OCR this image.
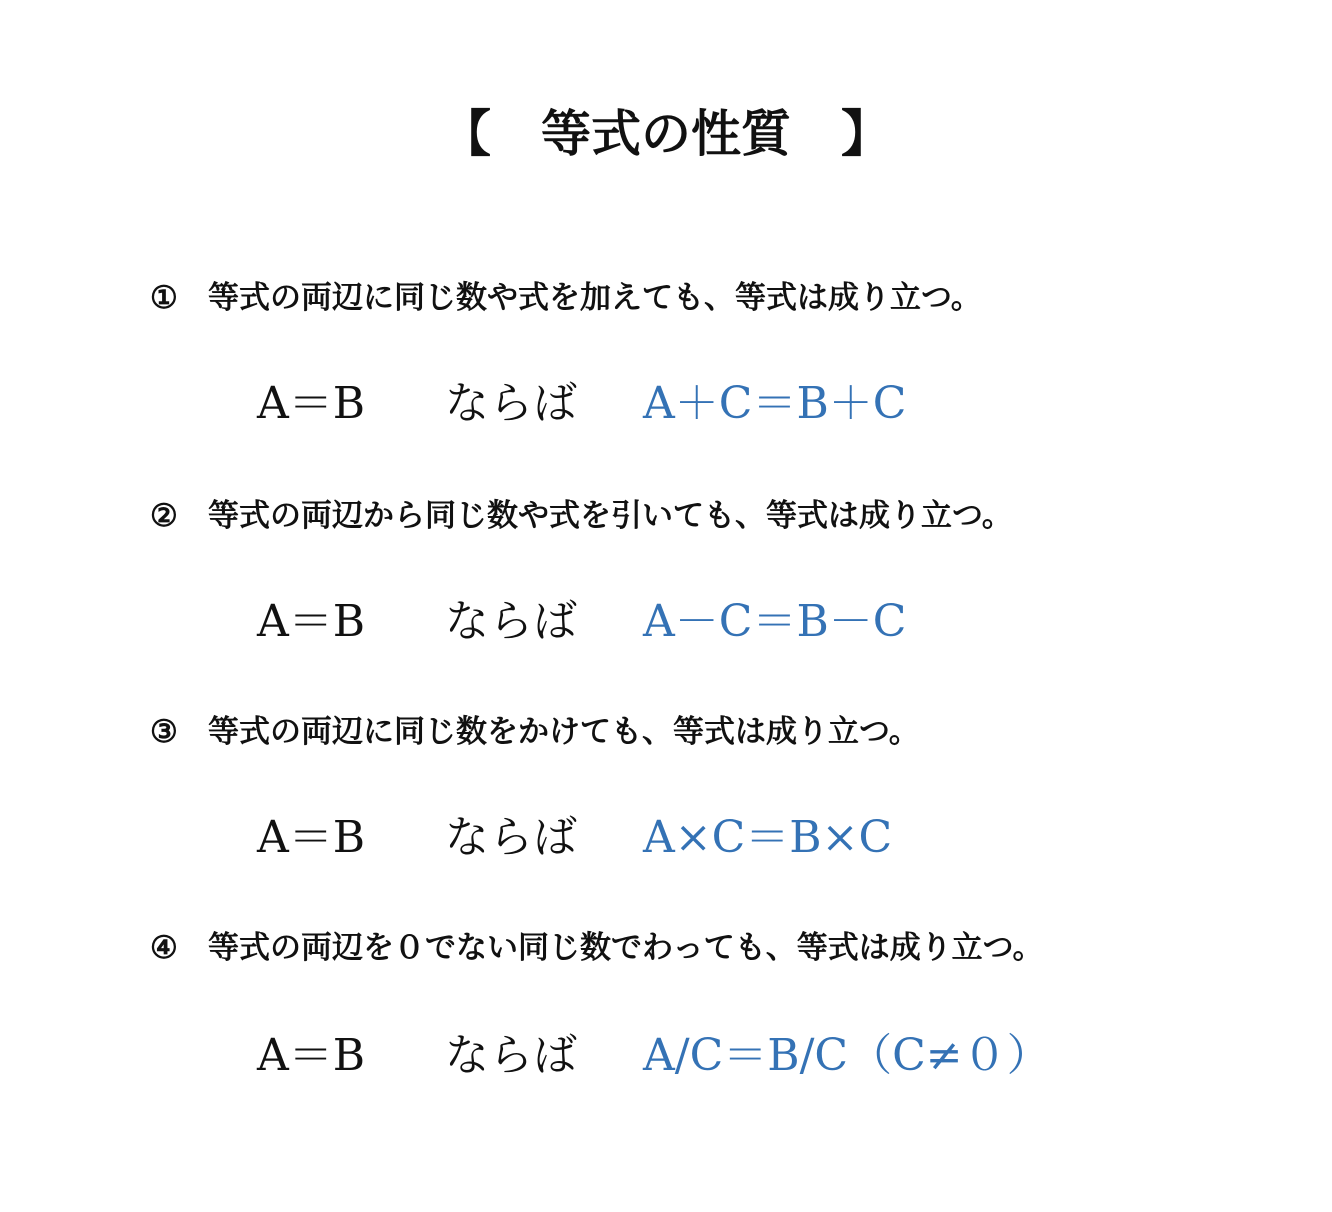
【　等式の性質　】
① 等式の両辺に同じ数や式を加えても、等式は成り立つ。
A＝B ならば A＋C＝B＋C
② 等式の両辺から同じ数や式を引いても、等式は成り立つ。
A＝B ならば A－C＝B－C
③ 等式の両辺に同じ数をかけても、等式は成り立つ。
A＝B ならば A×C＝B×C
④ 等式の両辺を０でない同じ数でわっても、等式は成り立つ。
A＝B ならば A/C＝B/C（C≠０）
